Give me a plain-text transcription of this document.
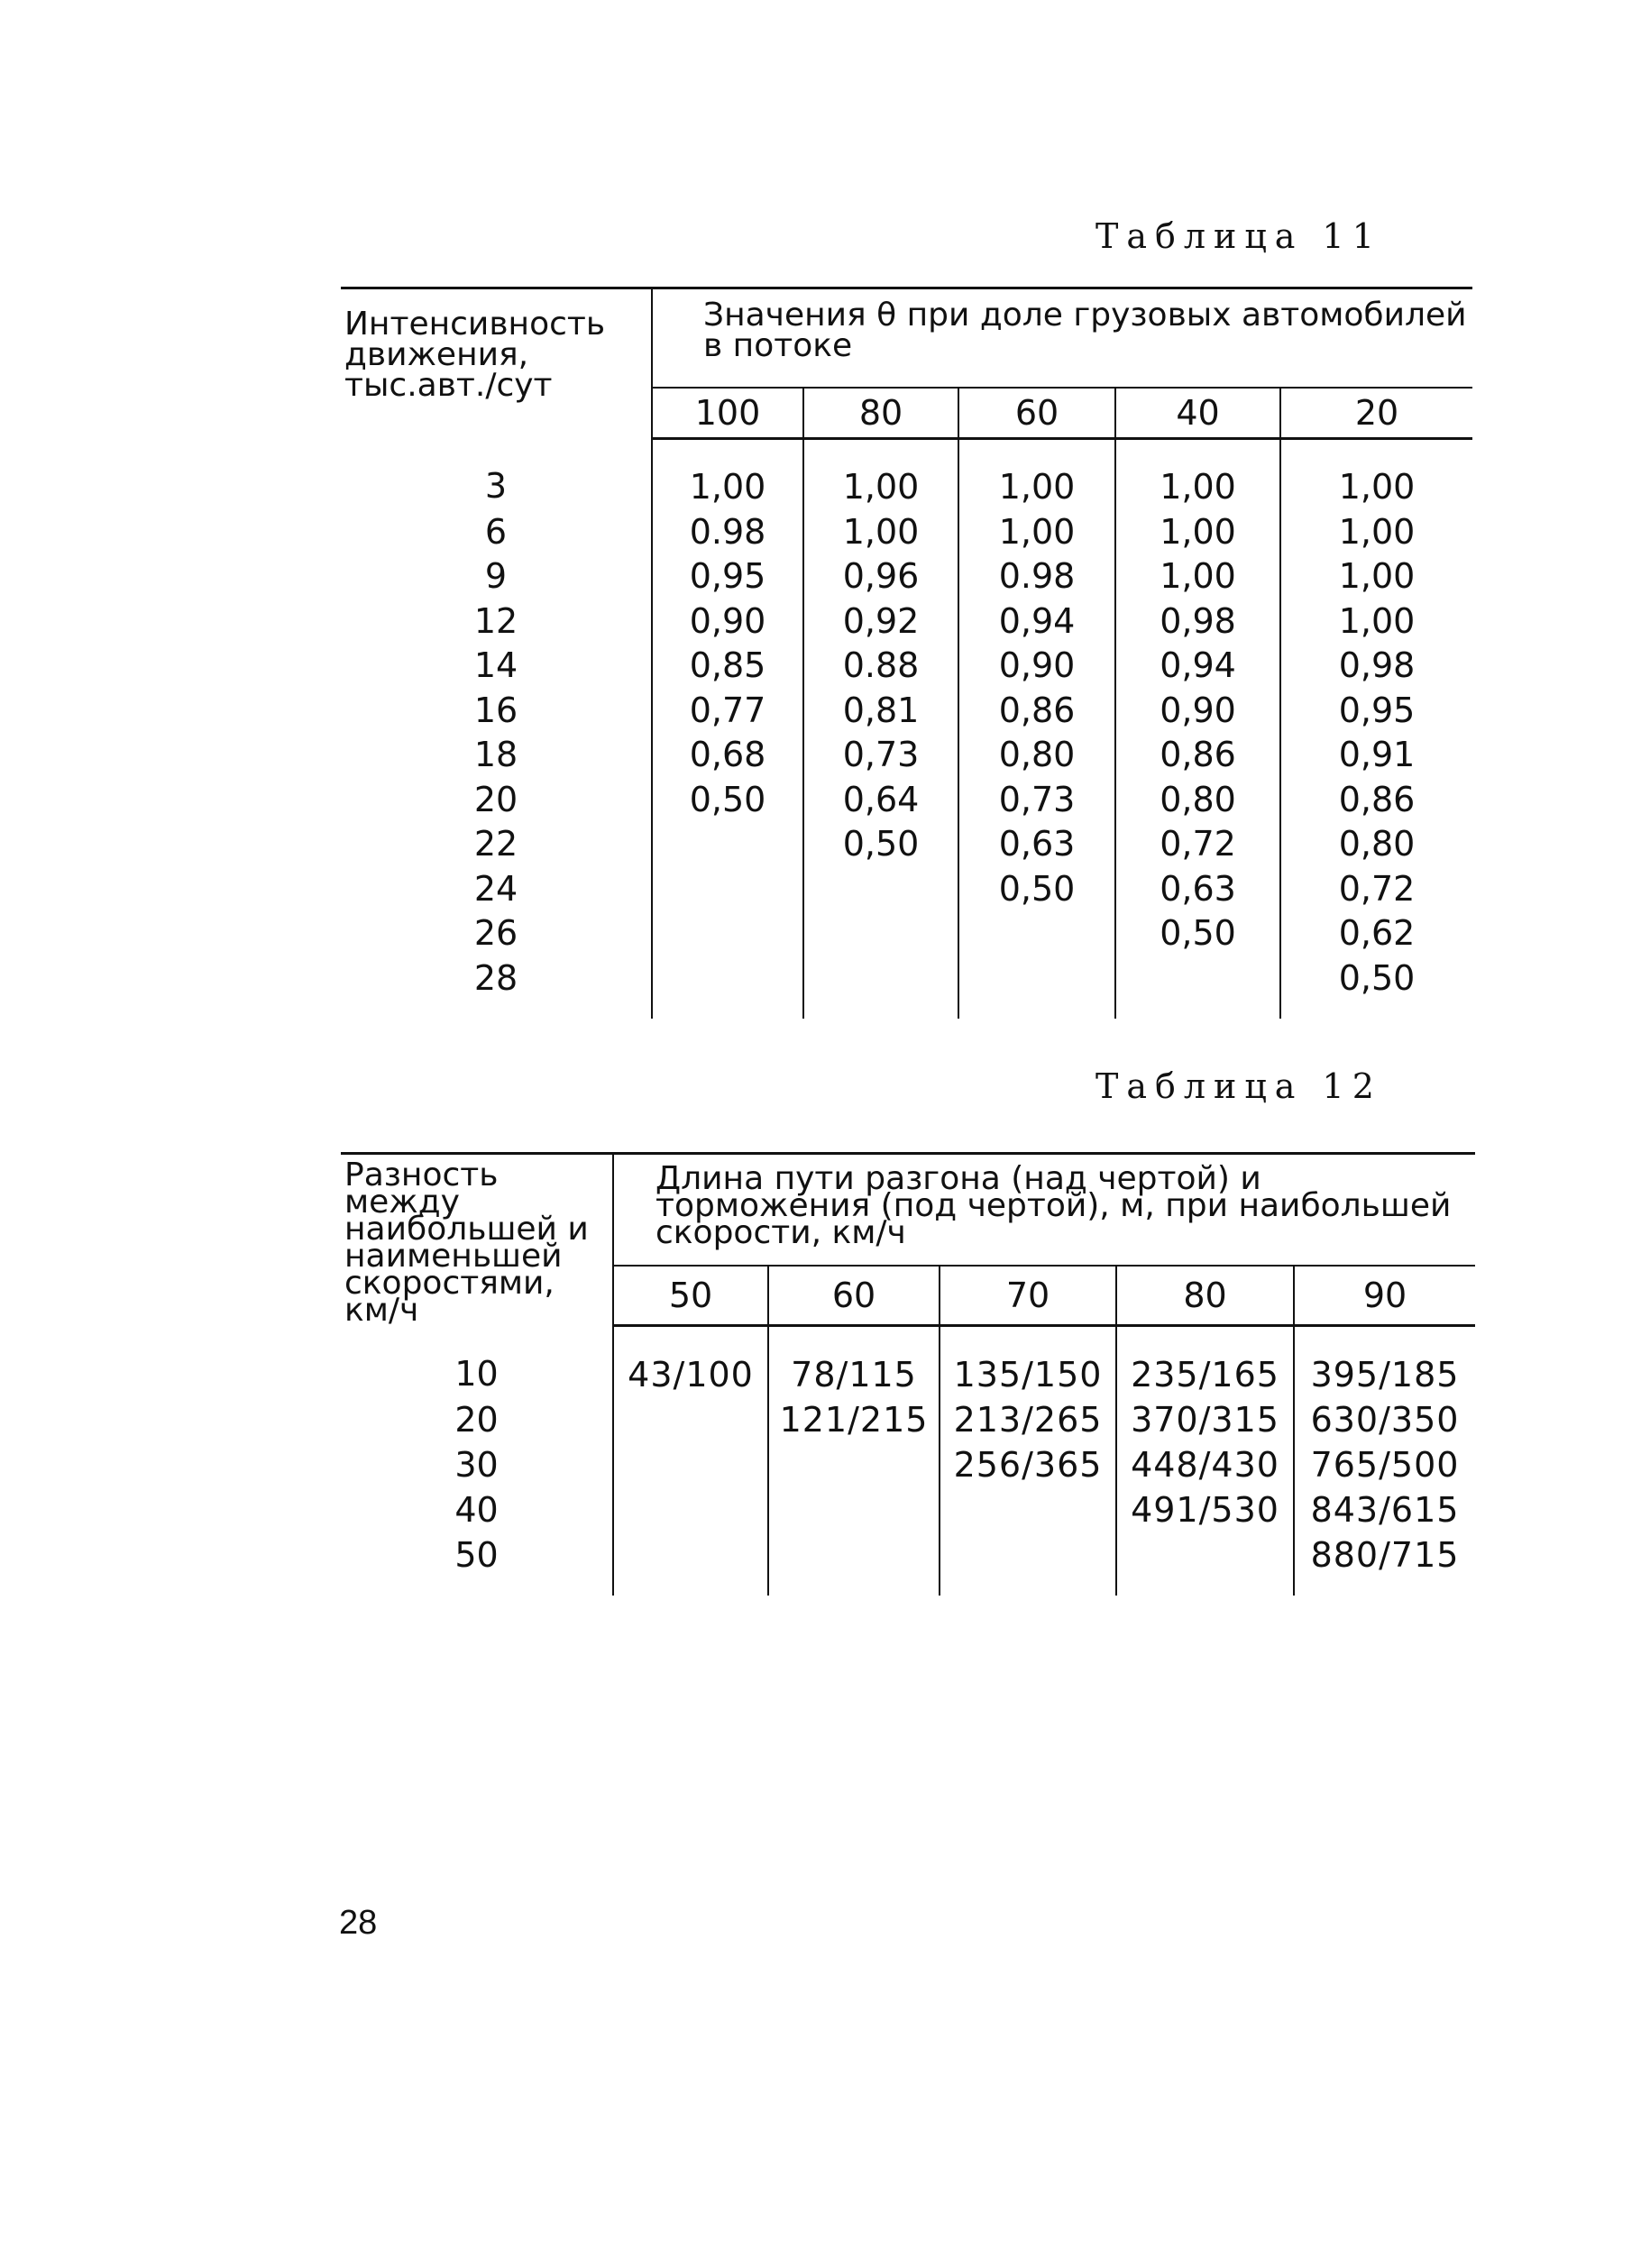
Таблица 11
Интенсивность движения, тыс.авт./сут	Значения θ при доле грузовых автомобилей в потоке				
	100	80	60	40	20
3	1,00	1,00	1,00	1,00	1,00
6	0.98	1,00	1,00	1,00	1,00
9	0,95	0,96	0.98	1,00	1,00
12	0,90	0,92	0,94	0,98	1,00
14	0,85	0.88	0,90	0,94	0,98
16	0,77	0,81	0,86	0,90	0,95
18	0,68	0,73	0,80	0,86	0,91
20	0,50	0,64	0,73	0,80	0,86
22		0,50	0,63	0,72	0,80
24			0,50	0,63	0,72
26				0,50	0,62
28					0,50
Таблица 12
Разность между наибольшей и наименьшей скоростями, км/ч	Длина пути разгона (над чертой) и торможения (под чертой), м, при наибольшей скорости, км/ч				
	50	60	70	80	90
10	43/100	78/115	135/150	235/165	395/185
20		121/215	213/265	370/315	630/350
30			256/365	448/430	765/500
40				491/530	843/615
50					880/715
28
